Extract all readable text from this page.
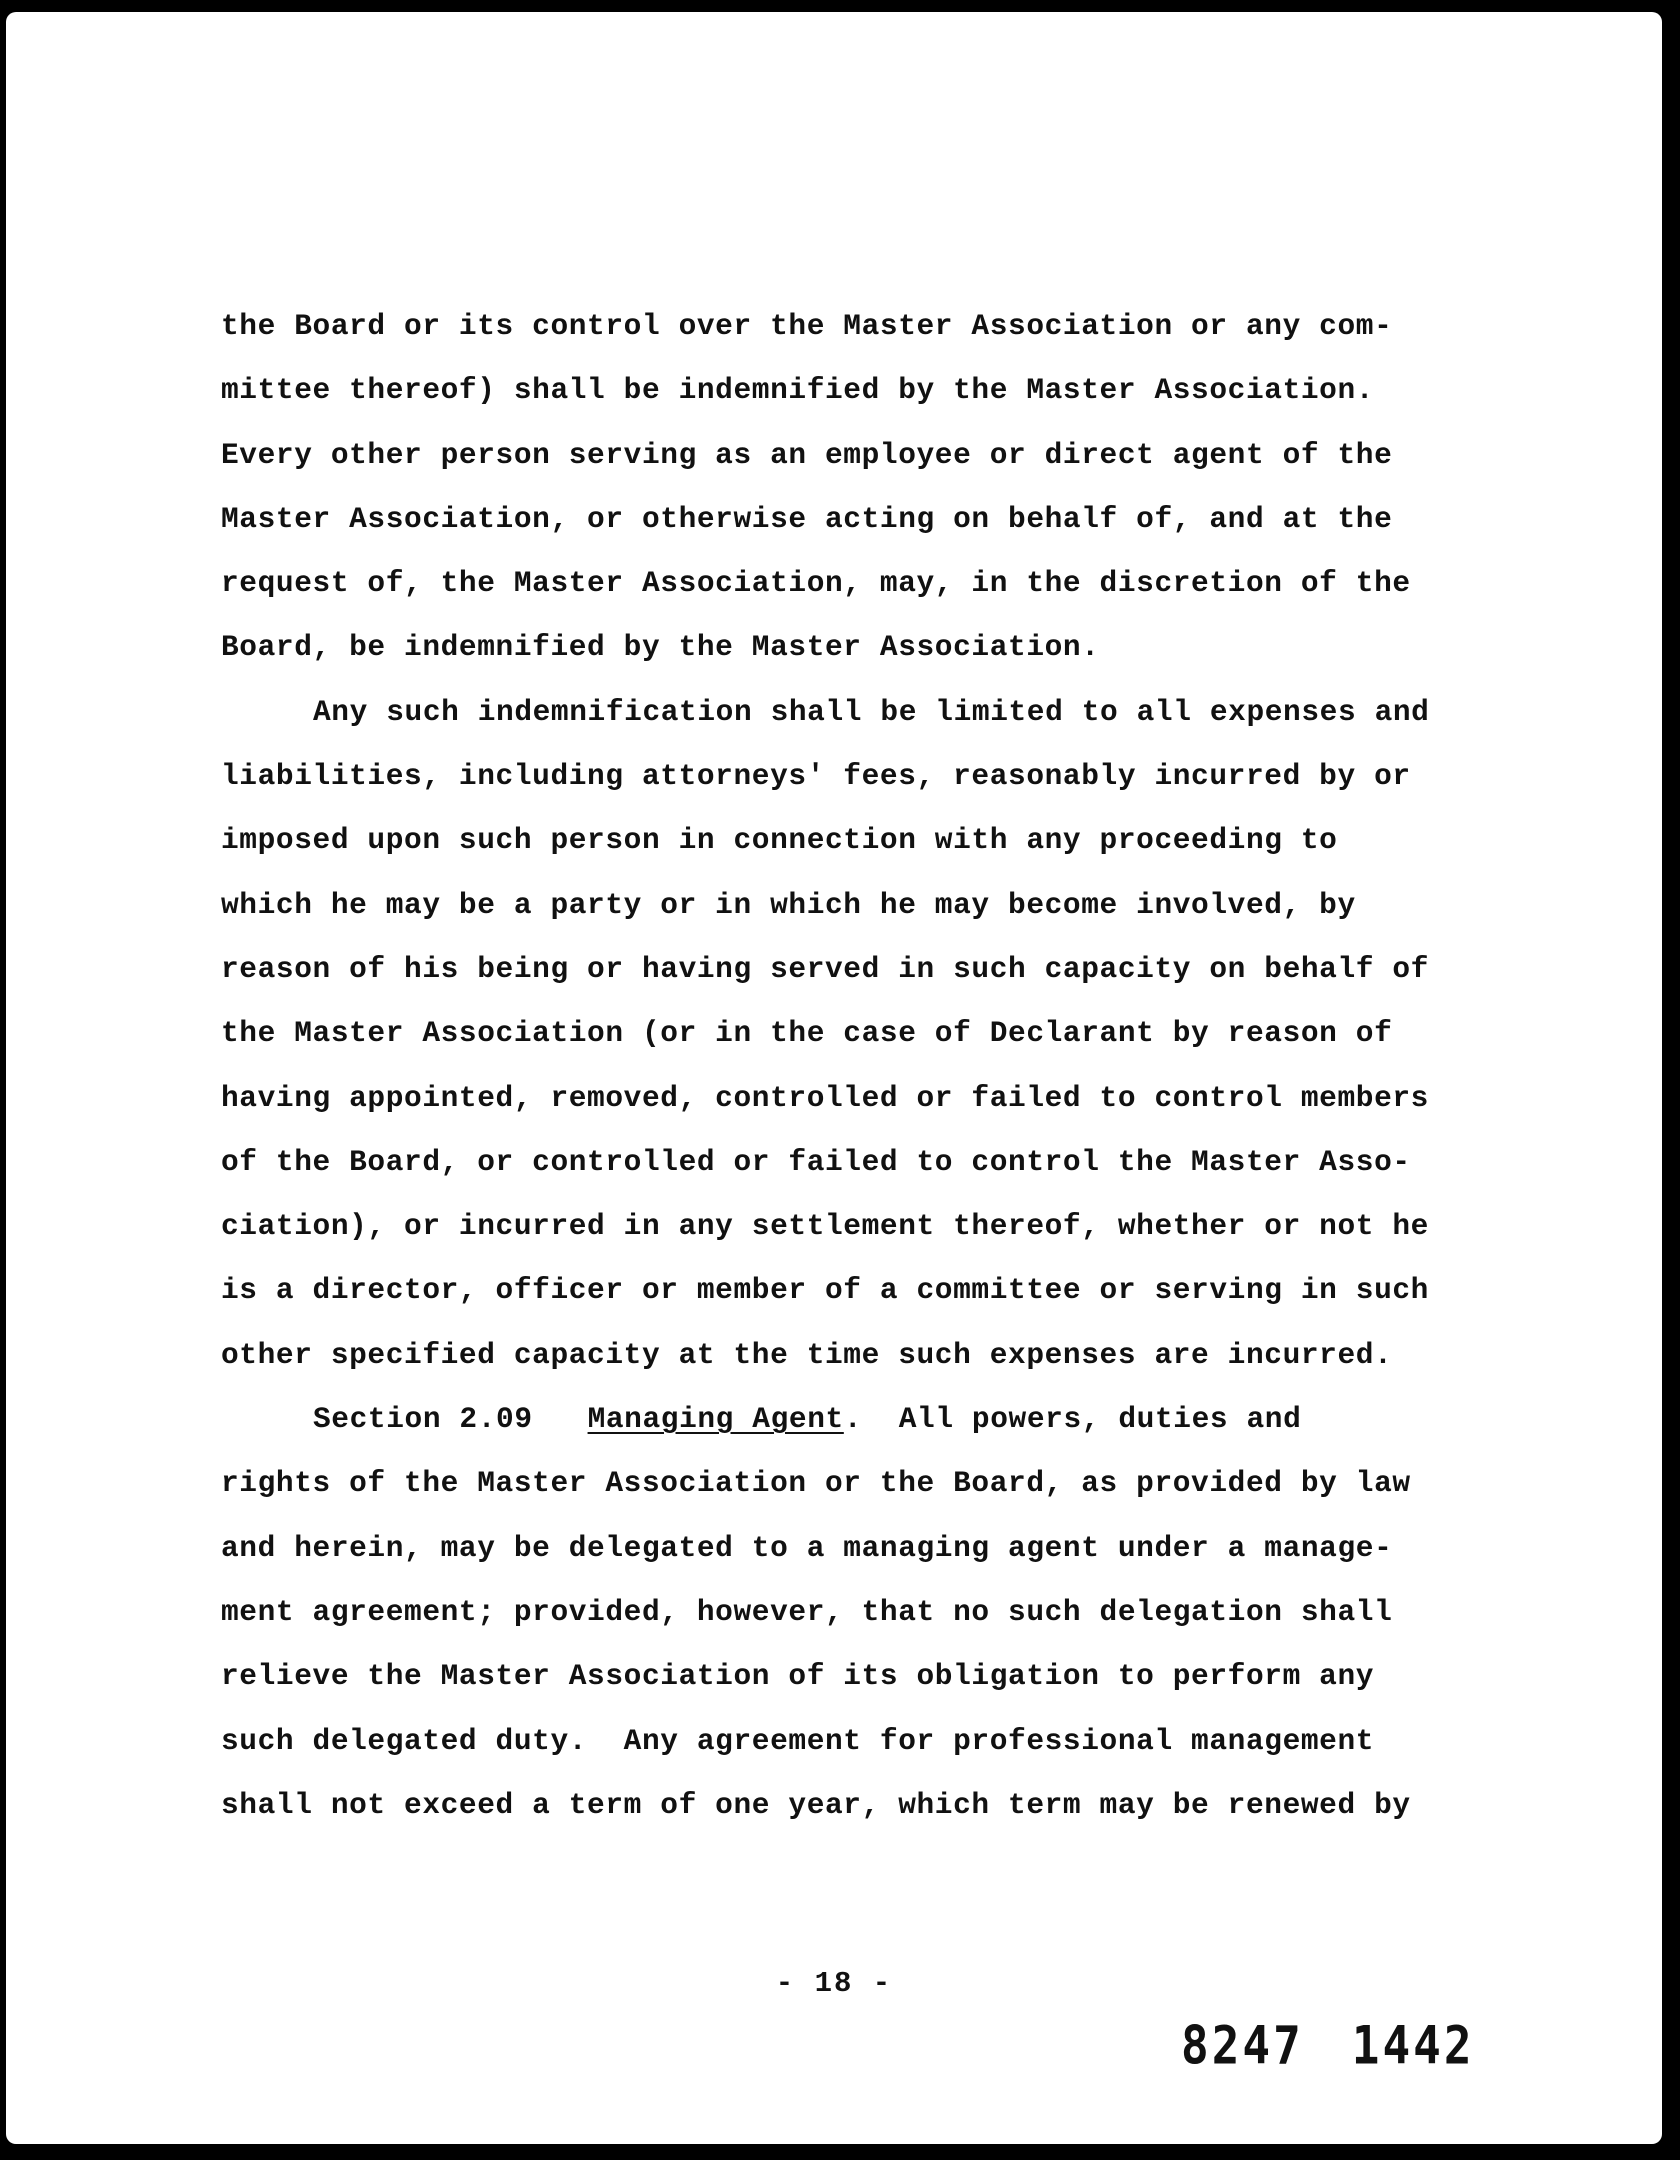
the Board or its control over the Master Association or any com-
mittee thereof) shall be indemnified by the Master Association.
Every other person serving as an employee or direct agent of the
Master Association, or otherwise acting on behalf of, and at the
request of, the Master Association, may, in the discretion of the
Board, be indemnified by the Master Association.
Any such indemnification shall be limited to all expenses and
liabilities, including attorneys' fees, reasonably incurred by or
imposed upon such person in connection with any proceeding to
which he may be a party or in which he may become involved, by
reason of his being or having served in such capacity on behalf of
the Master Association (or in the case of Declarant by reason of
having appointed, removed, controlled or failed to control members
of the Board, or controlled or failed to control the Master Asso-
ciation), or incurred in any settlement thereof, whether or not he
is a director, officer or member of a committee or serving in such
other specified capacity at the time such expenses are incurred.
Section 2.09 Managing Agent.  All powers, duties and
rights of the Master Association or the Board, as provided by law
and herein, may be delegated to a managing agent under a manage-
ment agreement; provided, however, that no such delegation shall
relieve the Master Association of its obligation to perform any
such delegated duty.  Any agreement for professional management
shall not exceed a term of one year, which term may be renewed by
- 18 -
8247 1442
